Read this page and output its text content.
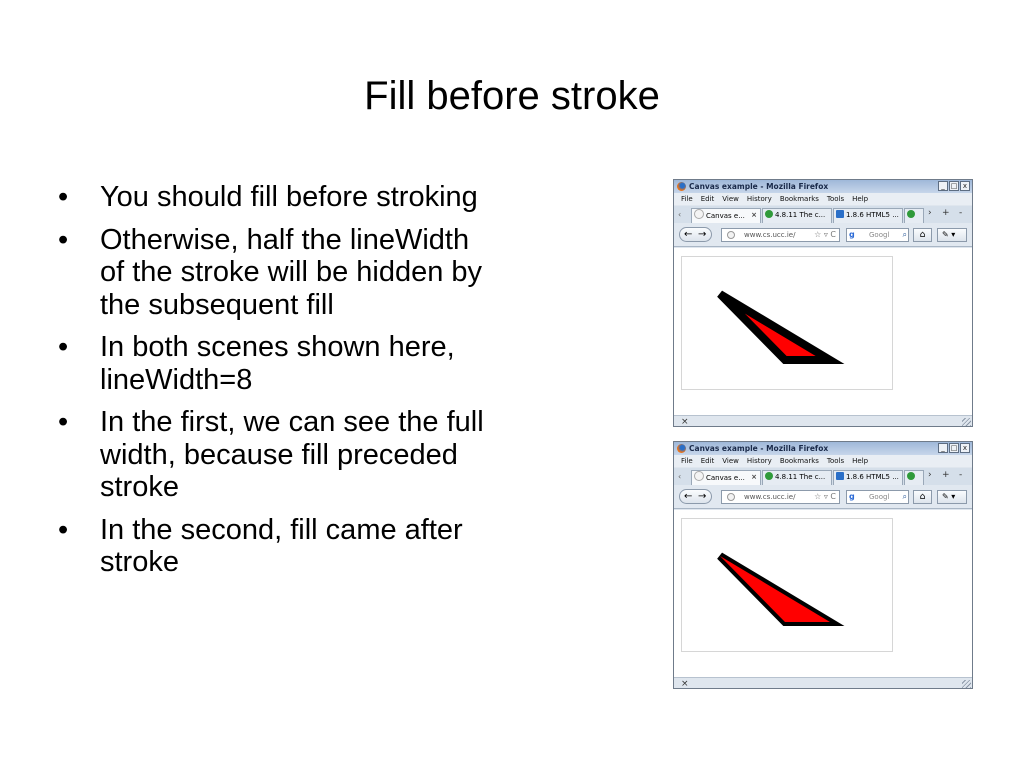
Fill before stroke
• You should fill before stroking
• Otherwise, half the lineWidth of the stroke will be hidden by the subsequent fill
• In both scenes shown here, lineWidth=8
• In the first, we can see the full width, because fill preceded stroke
• In the second, fill came after stroke
Canvas example - Mozilla Firefox	_ □ x
File Edit View History Bookmarks Tools Help
‹	Canvas e... ×	4.8.11 The c...	1.8.6 HTML5 ...	› + -
← →	www.cs.ucc.ie/ ☆ ▿ C g	Googl ⌕	⌂	✎ ▾
×
Canvas example - Mozilla Firefox	_ □ x
File Edit View History Bookmarks Tools Help
‹	Canvas e... ×	4.8.11 The c...	1.8.6 HTML5 ...	› + -
← →	www.cs.ucc.ie/ ☆ ▿ C g	Googl ⌕	⌂	✎ ▾
×
